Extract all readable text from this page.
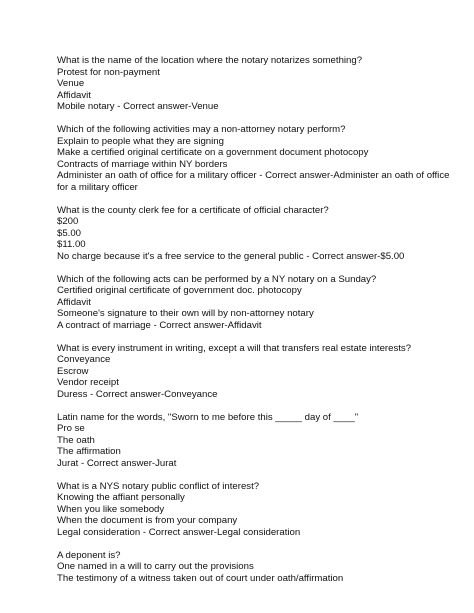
What is the name of the location where the notary notarizes something?
Protest for non-payment
Venue
Affidavit
Mobile notary - Correct answer-Venue
Which of the following activities may a non-attorney notary perform?
Explain to people what they are signing
Make a certified original certificate on a government document photocopy
Contracts of marriage within NY borders
Administer an oath of office for a military officer - Correct answer-Administer an oath of office for a military officer
What is the county clerk fee for a certificate of official character?
$200
$5.00
$11.00
No charge because it's a free service to the general public - Correct answer-$5.00
Which of the following acts can be performed by a NY notary on a Sunday?
Certified original certificate of government doc. photocopy
Affidavit
Someone's signature to their own will by non-attorney notary
A contract of marriage - Correct answer-Affidavit
What is every instrument in writing, except a will that transfers real estate interests?
Conveyance
Escrow
Vendor receipt
Duress - Correct answer-Conveyance
Latin name for the words, "Sworn to me before this _____ day of ____"
Pro se
The oath
The affirmation
Jurat - Correct answer-Jurat
What is a NYS notary public conflict of interest?
Knowing the affiant personally
When you like somebody
When the document is from your company
Legal consideration - Correct answer-Legal consideration
A deponent is?
One named in a will to carry out the provisions
The testimony of a witness taken out of court under oath/affirmation
